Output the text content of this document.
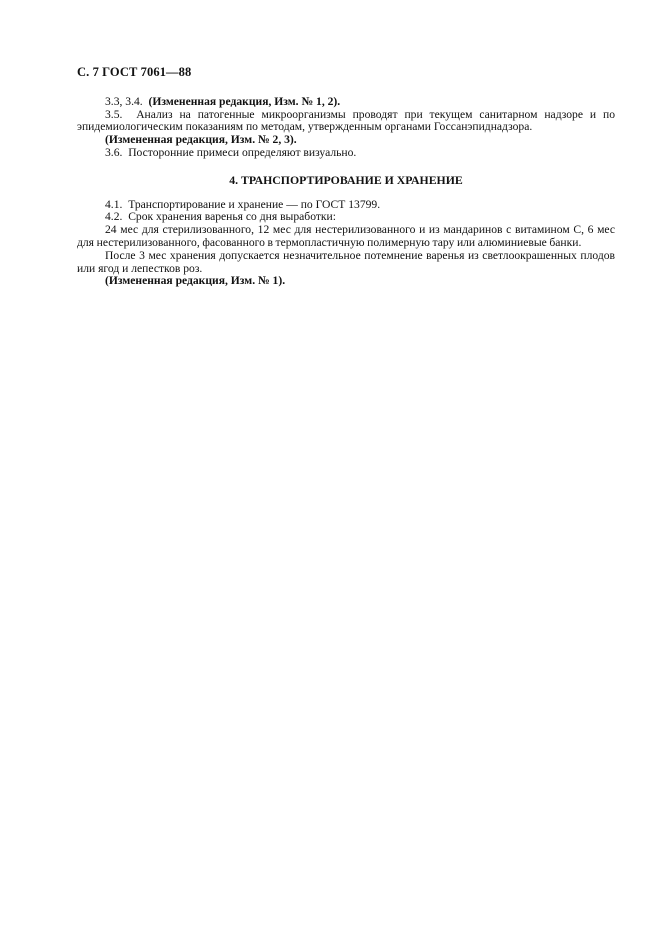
С. 7 ГОСТ 7061—88

3.3, 3.4. (Измененная редакция, Изм. № 1, 2).

3.5. Анализ на патогенные микроорганизмы проводят при текущем санитарном надзоре и по эпидемиологическим показаниям по методам, утвержденным органами Госсанэпиднадзора.

(Измененная редакция, Изм. № 2, 3).

3.6. Посторонние примеси определяют визуально.

4. ТРАНСПОРТИРОВАНИЕ И ХРАНЕНИЕ

4.1. Транспортирование и хранение — по ГОСТ 13799.

4.2. Срок хранения варенья со дня выработки:

24 мес для стерилизованного, 12 мес для нестерилизованного и из мандаринов с витамином С, 6 мес для нестерилизованного, фасованного в термопластичную полимерную тару или алюминиевые банки.

После 3 мес хранения допускается незначительное потемнение варенья из светлоокрашенных плодов или ягод и лепестков роз.

(Измененная редакция, Изм. № 1).
